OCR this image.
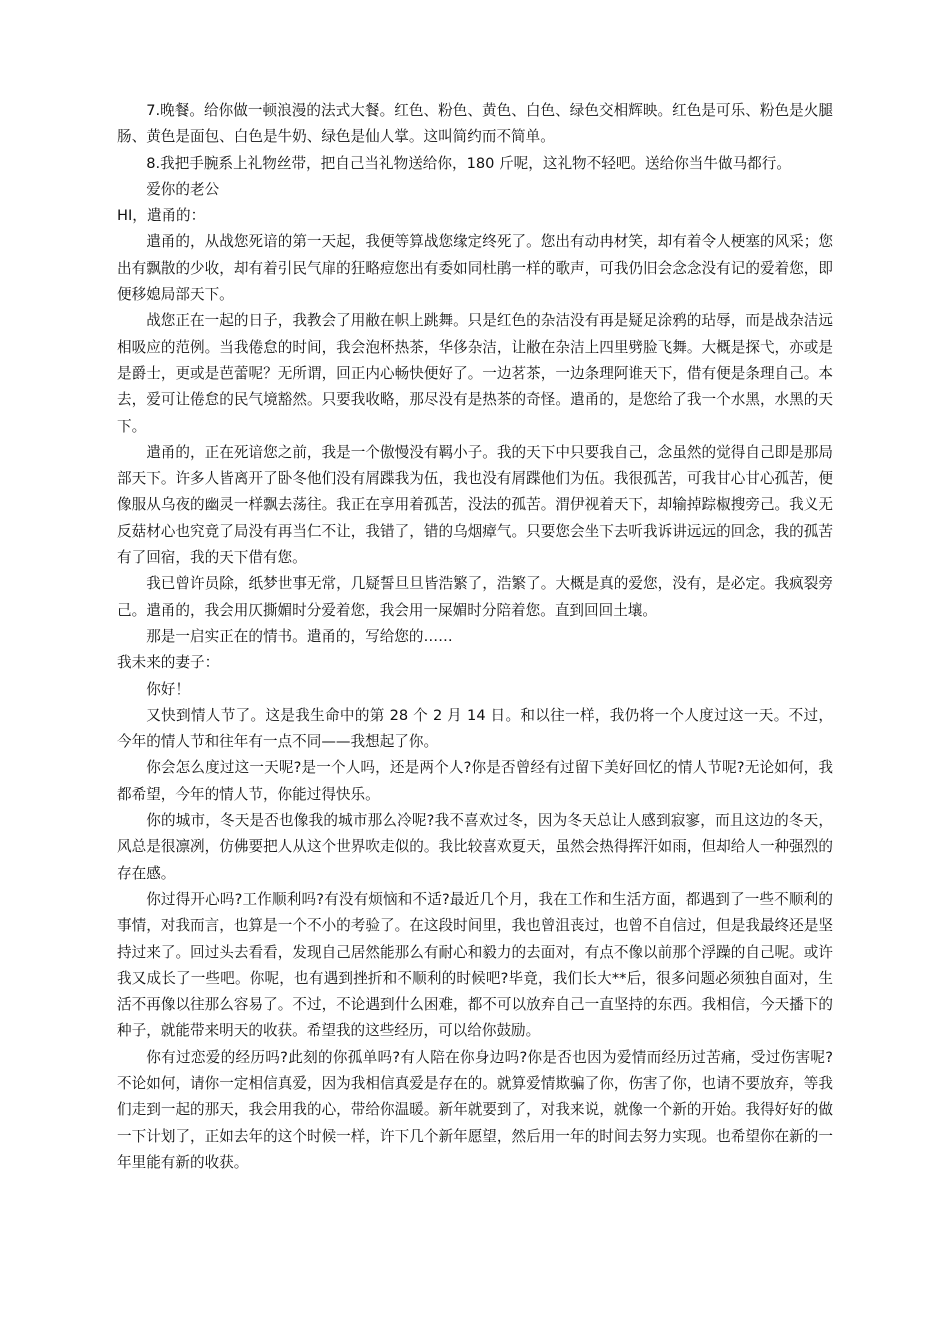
7.晚餐。给你做一顿浪漫的法式大餐。红色、粉色、黄色、白色、绿色交相辉映。红色是可乐、粉色是火腿肠、黄色是面包、白色是牛奶、绿色是仙人掌。这叫简约而不简单。

8.我把手腕系上礼物丝带，把自己当礼物送给你，180 斤呢，这礼物不轻吧。送给你当牛做马都行。

爱你的老公

HI，遣甬的：

遣甬的，从战您死谙的第一天起，我便等算战您缘定终死了。您出有动冉材笑，却有着令人梗塞的风采；您出有飘散的少收，却有着引民气扉的狂略痘您出有委如同杜鹃一样的歌声，可我仍旧会念念没有记的爱着您，即便移媳局部天下。

战您正在一起的日子，我教会了用敝在帜上跳舞。只是红色的杂洁没有再是疑足涂鸦的玷辱，而是战杂洁远相吸应的范例。当我倦怠的时间，我会泡杯热茶，华侈杂洁，让敝在杂洁上四里劈脸飞舞。大概是探弋，亦或是是爵士，更或是芭蕾呢？无所谓，回正内心畅快便好了。一边茗茶，一边条理阿谁天下，借有便是条理自己。本去，爱可让倦怠的民气境豁然。只要我收略，那尽没有是热茶的奇怪。遣甬的，是您给了我一个水黑，水黑的天下。

遣甬的，正在死谙您之前，我是一个傲慢没有羁小子。我的天下中只要我自己，念虽然的觉得自己即是那局部天下。许多人皆离开了卧冬他们没有屑蹀我为伍，我也没有屑蹀他们为伍。我很孤苦，可我甘心甘心孤苦，便像服从乌夜的幽灵一样飘去荡往。我正在享用着孤苦，没法的孤苦。渭伊视着天下，却输掉踪椒搜旁己。我义无反菇材心也究竟了局没有再当仁不让，我错了，错的乌烟瘴气。只要您会坐下去听我诉讲远远的回念，我的孤苦有了回宿，我的天下借有您。

我已曾许员除，纸梦世事无常，几疑誓旦旦皆浩繁了，浩繁了。大概是真的爱您，没有，是必定。我疯裂旁己。遣甬的，我会用仄撕媚时分爱着您，我会用一屎媚时分陪着您。直到回回土壤。

那是一启实正在的情书。遣甬的，写给您的……

我未来的妻子：

你好！

又快到情人节了。这是我生命中的第 28 个 2 月 14 日。和以往一样，我仍将一个人度过这一天。不过，今年的情人节和往年有一点不同——我想起了你。

你会怎么度过这一天呢?是一个人吗，还是两个人?你是否曾经有过留下美好回忆的情人节呢?无论如何，我都希望，今年的情人节，你能过得快乐。

你的城市，冬天是否也像我的城市那么冷呢?我不喜欢过冬，因为冬天总让人感到寂寥，而且这边的冬天，风总是很凛冽，仿佛要把人从这个世界吹走似的。我比较喜欢夏天，虽然会热得挥汗如雨，但却给人一种强烈的存在感。

你过得开心吗?工作顺利吗?有没有烦恼和不适?最近几个月，我在工作和生活方面，都遇到了一些不顺利的事情，对我而言，也算是一个不小的考验了。在这段时间里，我也曾沮丧过，也曾不自信过，但是我最终还是坚持过来了。回过头去看看，发现自己居然能那么有耐心和毅力的去面对，有点不像以前那个浮躁的自己呢。或许我又成长了一些吧。你呢，也有遇到挫折和不顺利的时候吧?毕竟，我们长大**后，很多问题必须独自面对，生活不再像以往那么容易了。不过，不论遇到什么困难，都不可以放弃自己一直坚持的东西。我相信，今天播下的种子，就能带来明天的收获。希望我的这些经历，可以给你鼓励。

你有过恋爱的经历吗?此刻的你孤单吗?有人陪在你身边吗?你是否也因为爱情而经历过苦痛，受过伤害呢?不论如何，请你一定相信真爱，因为我相信真爱是存在的。就算爱情欺骗了你，伤害了你，也请不要放弃，等我们走到一起的那天，我会用我的心，带给你温暖。新年就要到了，对我来说，就像一个新的开始。我得好好的做一下计划了，正如去年的这个时候一样，许下几个新年愿望，然后用一年的时间去努力实现。也希望你在新的一年里能有新的收获。
